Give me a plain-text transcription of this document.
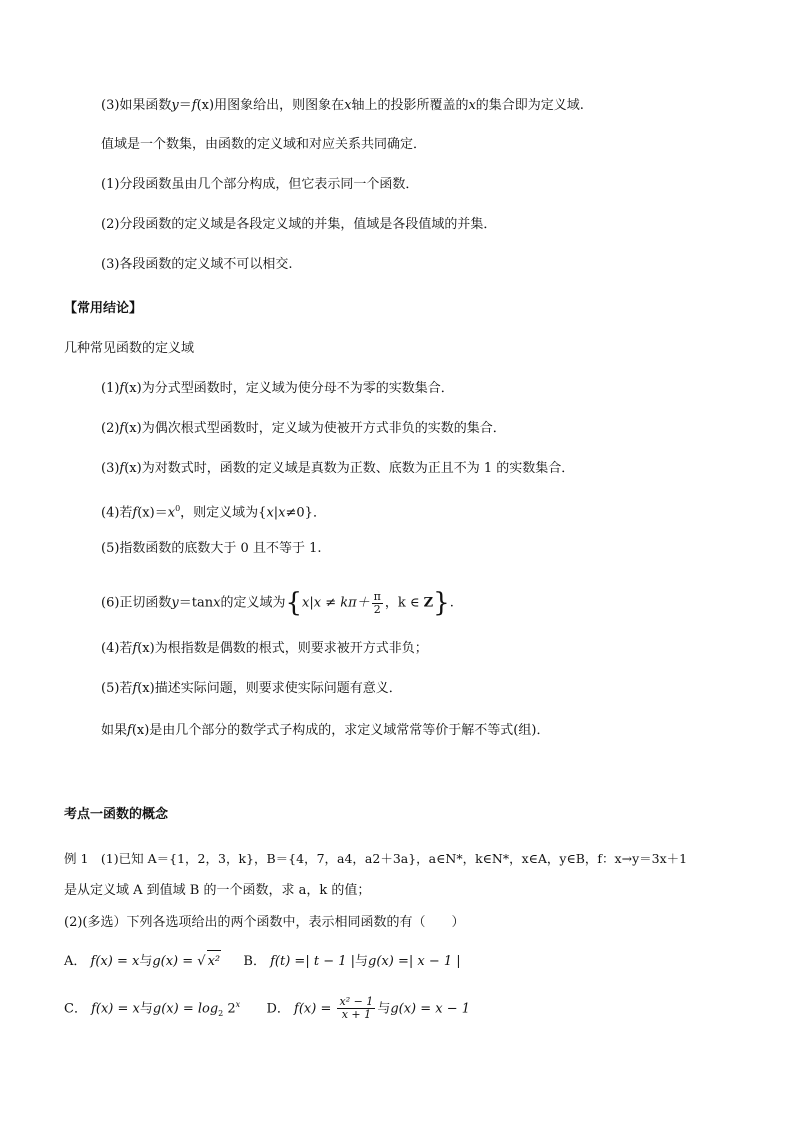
(3)如果函数y＝f(x)用图象给出，则图象在x轴上的投影所覆盖的x的集合即为定义域.
值域是一个数集，由函数的定义域和对应关系共同确定．
(1)分段函数虽由几个部分构成，但它表示同一个函数．
(2)分段函数的定义域是各段定义域的并集，值域是各段值域的并集．
(3)各段函数的定义域不可以相交.
【常用结论】
几种常见函数的定义域
(1)f(x)为分式型函数时，定义域为使分母不为零的实数集合．
(2)f(x)为偶次根式型函数时，定义域为使被开方式非负的实数的集合．
(3)f(x)为对数式时，函数的定义域是真数为正数、底数为正且不为 1 的实数集合．
(4)若$f(x)=x^0$，则定义域为{x|x≠0}．
(5)指数函数的底数大于 0 且不等于 1.
(6)正切函数y＝tanx的定义域为{$x|x \ne k\pi+ \frac{\pi}{2}$ ，k ∈ Z}.
(4)若f(x)为根指数是偶数的根式，则要求被开方式非负；
(5)若f(x)描述实际问题，则要求使实际问题有意义．
如果f(x)是由几个部分的数学式子构成的，求定义域常常等价于解不等式(组)．
考点一函数的概念
例 1　(1)已知 A＝{1，2，3，k}，B＝{4，7，a4，a2＋3a}，a∈N*，k∈N*，x∈A，y∈B，f：x→y＝3x＋1
是从定义域 A 到值域 B 的一个函数，求 a，k 的值；
(2)(多选）下列各选项给出的两个函数中，表示相同函数的有（　　）
A． f(x) = x与g(x) = √ x² B． f(t) =| t − 1 |与g(x) =| x − 1 |
C． f(x) = x与$g(x) = \log_2 2^x$ D． $f(x) = \frac{\text{x² − 1}}{x + 1}$ 与g(x) = x − 1
